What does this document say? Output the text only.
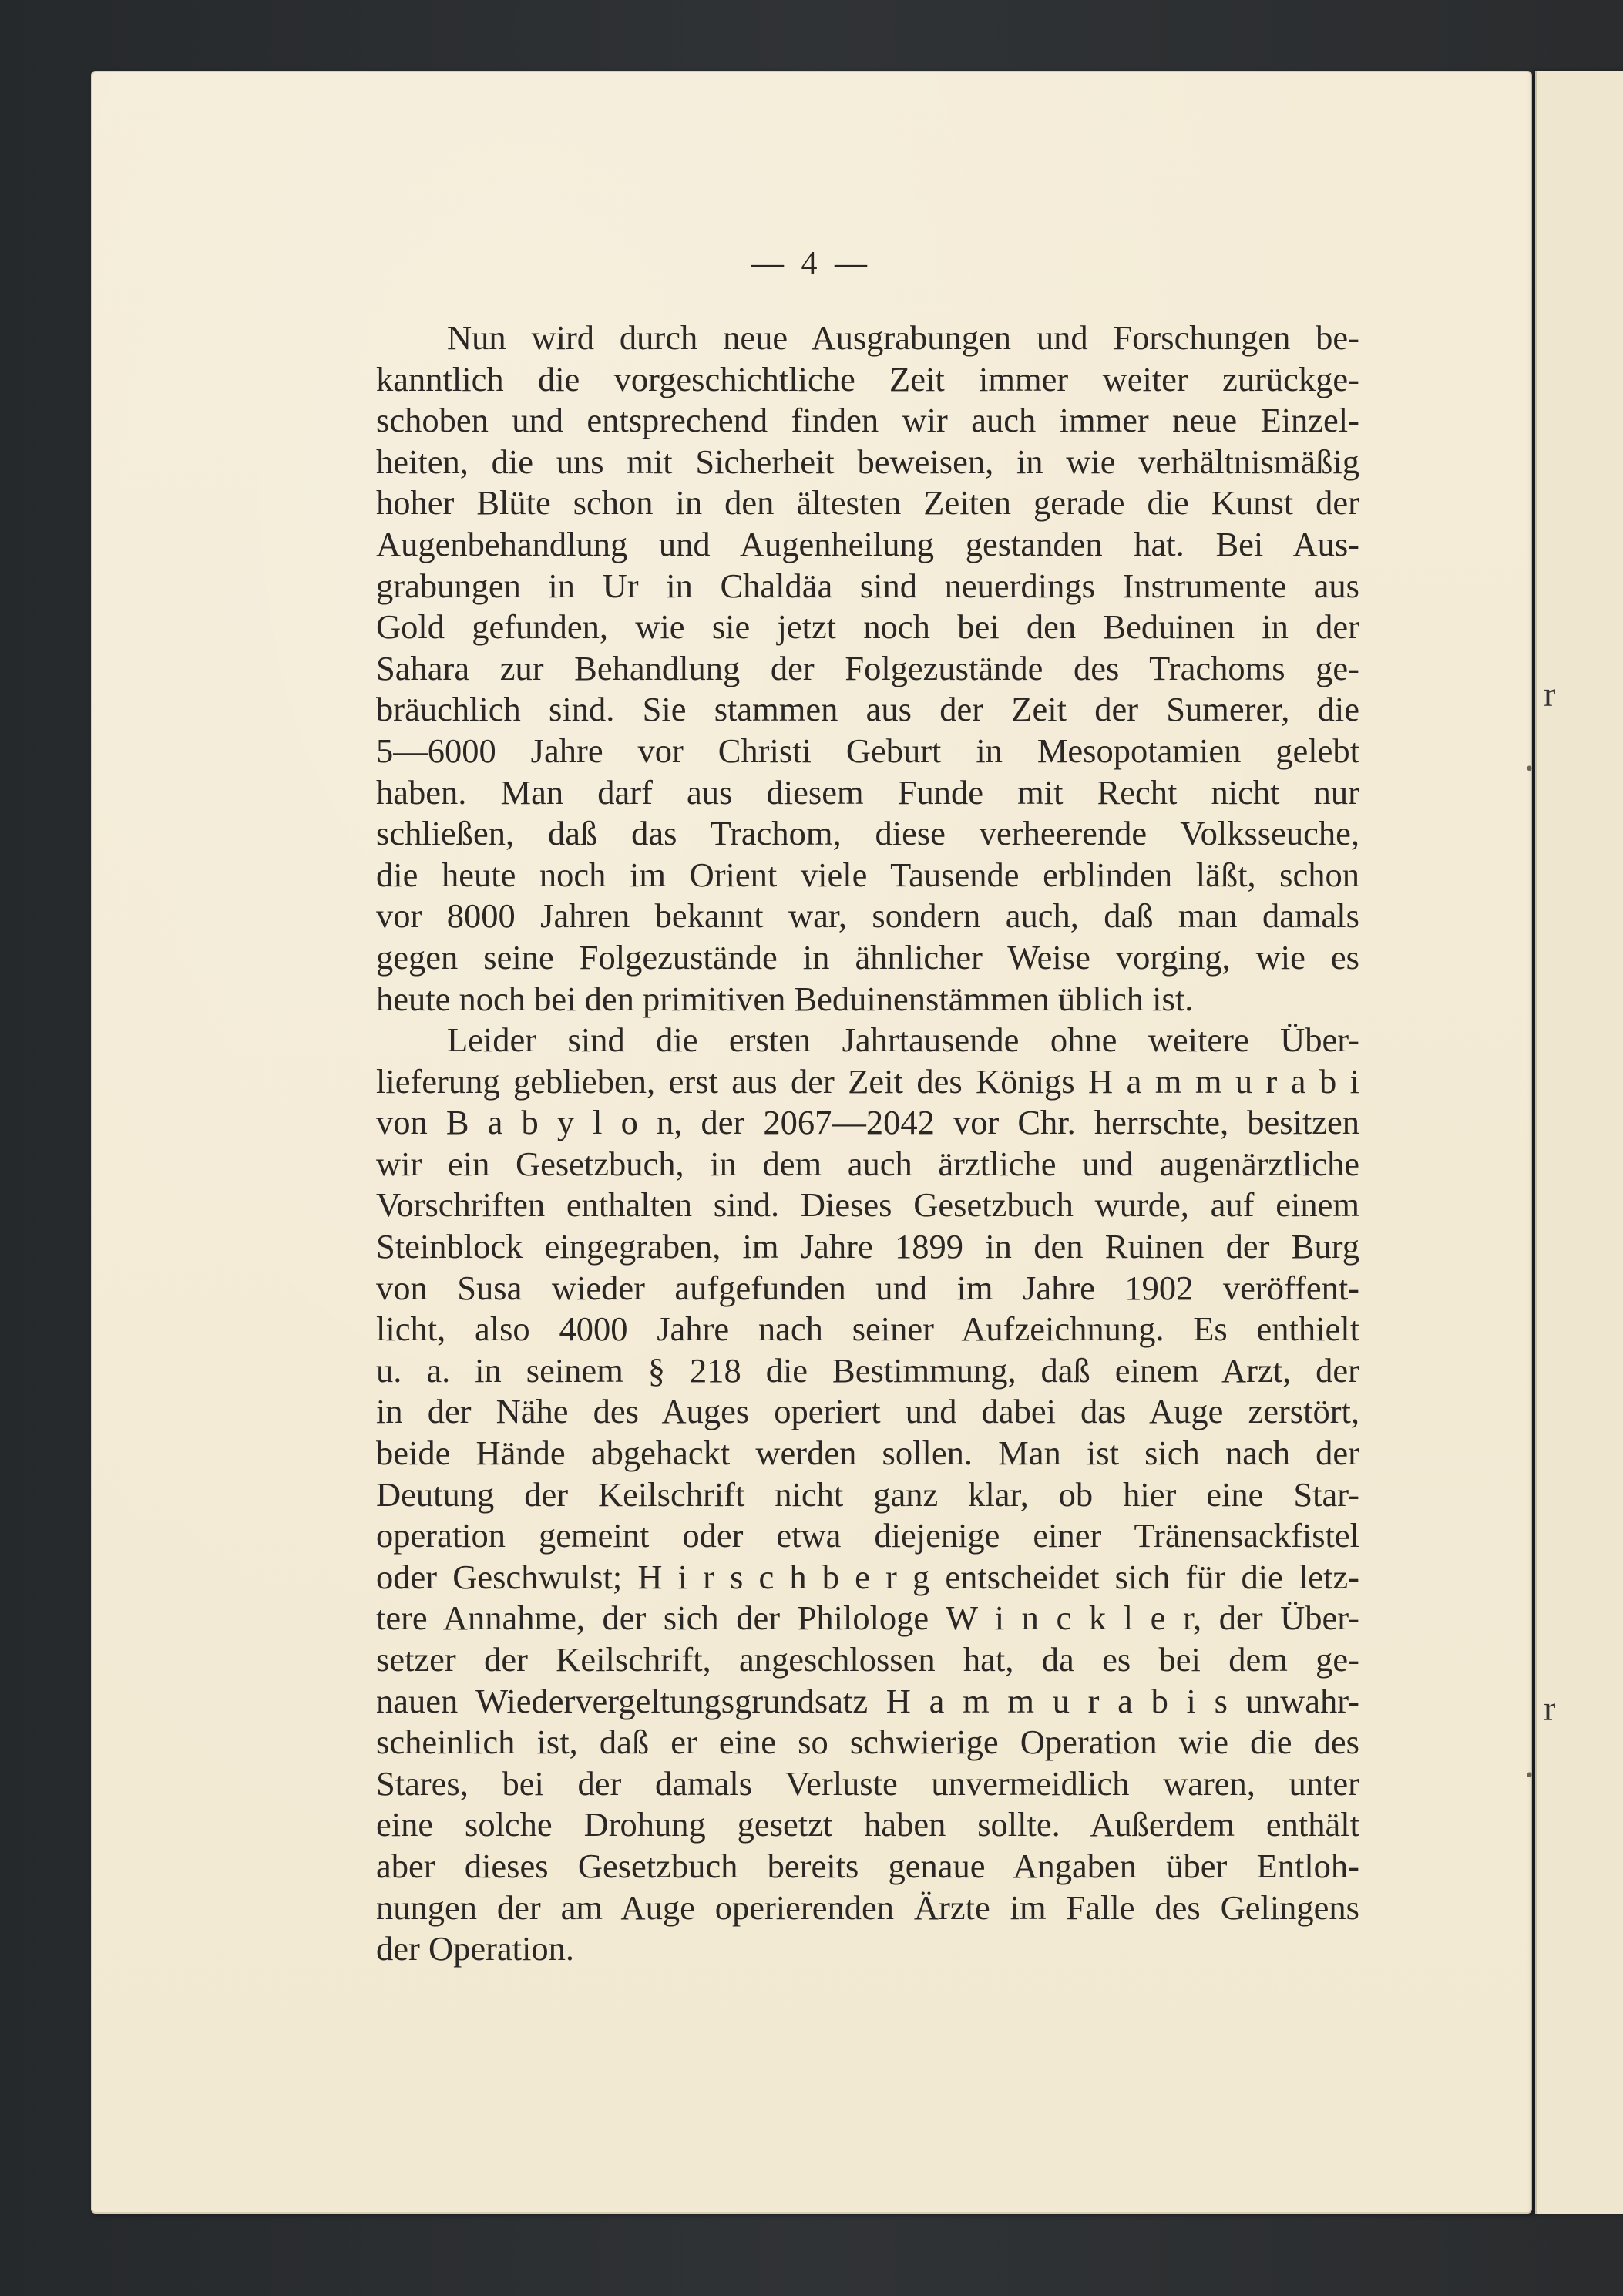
r
r
•
•
— 4 —
Nun wird durch neue Ausgrabungen und Forschungen be-
kanntlich die vorgeschichtliche Zeit immer weiter zurückge-
schoben und entsprechend finden wir auch immer neue Einzel-
heiten, die uns mit Sicherheit beweisen, in wie verhältnismäßig
hoher Blüte schon in den ältesten Zeiten gerade die Kunst der
Augenbehandlung und Augenheilung gestanden hat. Bei Aus-
grabungen in Ur in Chaldäa sind neuerdings Instrumente aus
Gold gefunden, wie sie jetzt noch bei den Beduinen in der
Sahara zur Behandlung der Folgezustände des Trachoms ge-
bräuchlich sind. Sie stammen aus der Zeit der Sumerer, die
5—6000 Jahre vor Christi Geburt in Mesopotamien gelebt
haben. Man darf aus diesem Funde mit Recht nicht nur
schließen, daß das Trachom, diese verheerende Volksseuche,
die heute noch im Orient viele Tausende erblinden läßt, schon
vor 8000 Jahren bekannt war, sondern auch, daß man damals
gegen seine Folgezustände in ähnlicher Weise vorging, wie es
heute noch bei den primitiven Beduinenstämmen üblich ist.
Leider sind die ersten Jahrtausende ohne weitere Über-
lieferung geblieben, erst aus der Zeit des Königs H a m m u r a b i
von B a b y l o n, der 2067—2042 vor Chr. herrschte, besitzen
wir ein Gesetzbuch, in dem auch ärztliche und augenärztliche
Vorschriften enthalten sind. Dieses Gesetzbuch wurde, auf einem
Steinblock eingegraben, im Jahre 1899 in den Ruinen der Burg
von Susa wieder aufgefunden und im Jahre 1902 veröffent-
licht, also 4000 Jahre nach seiner Aufzeichnung. Es enthielt
u. a. in seinem § 218 die Bestimmung, daß einem Arzt, der
in der Nähe des Auges operiert und dabei das Auge zerstört,
beide Hände abgehackt werden sollen. Man ist sich nach der
Deutung der Keilschrift nicht ganz klar, ob hier eine Star-
operation gemeint oder etwa diejenige einer Tränensackfistel
oder Geschwulst; H i r s c h b e r g entscheidet sich für die letz-
tere Annahme, der sich der Philologe W i n c k l e r, der Über-
setzer der Keilschrift, angeschlossen hat, da es bei dem ge-
nauen Wiedervergeltungsgrundsatz H a m m u r a b i s unwahr-
scheinlich ist, daß er eine so schwierige Operation wie die des
Stares, bei der damals Verluste unvermeidlich waren, unter
eine solche Drohung gesetzt haben sollte. Außerdem enthält
aber dieses Gesetzbuch bereits genaue Angaben über Entloh-
nungen der am Auge operierenden Ärzte im Falle des Gelingens
der Operation.
